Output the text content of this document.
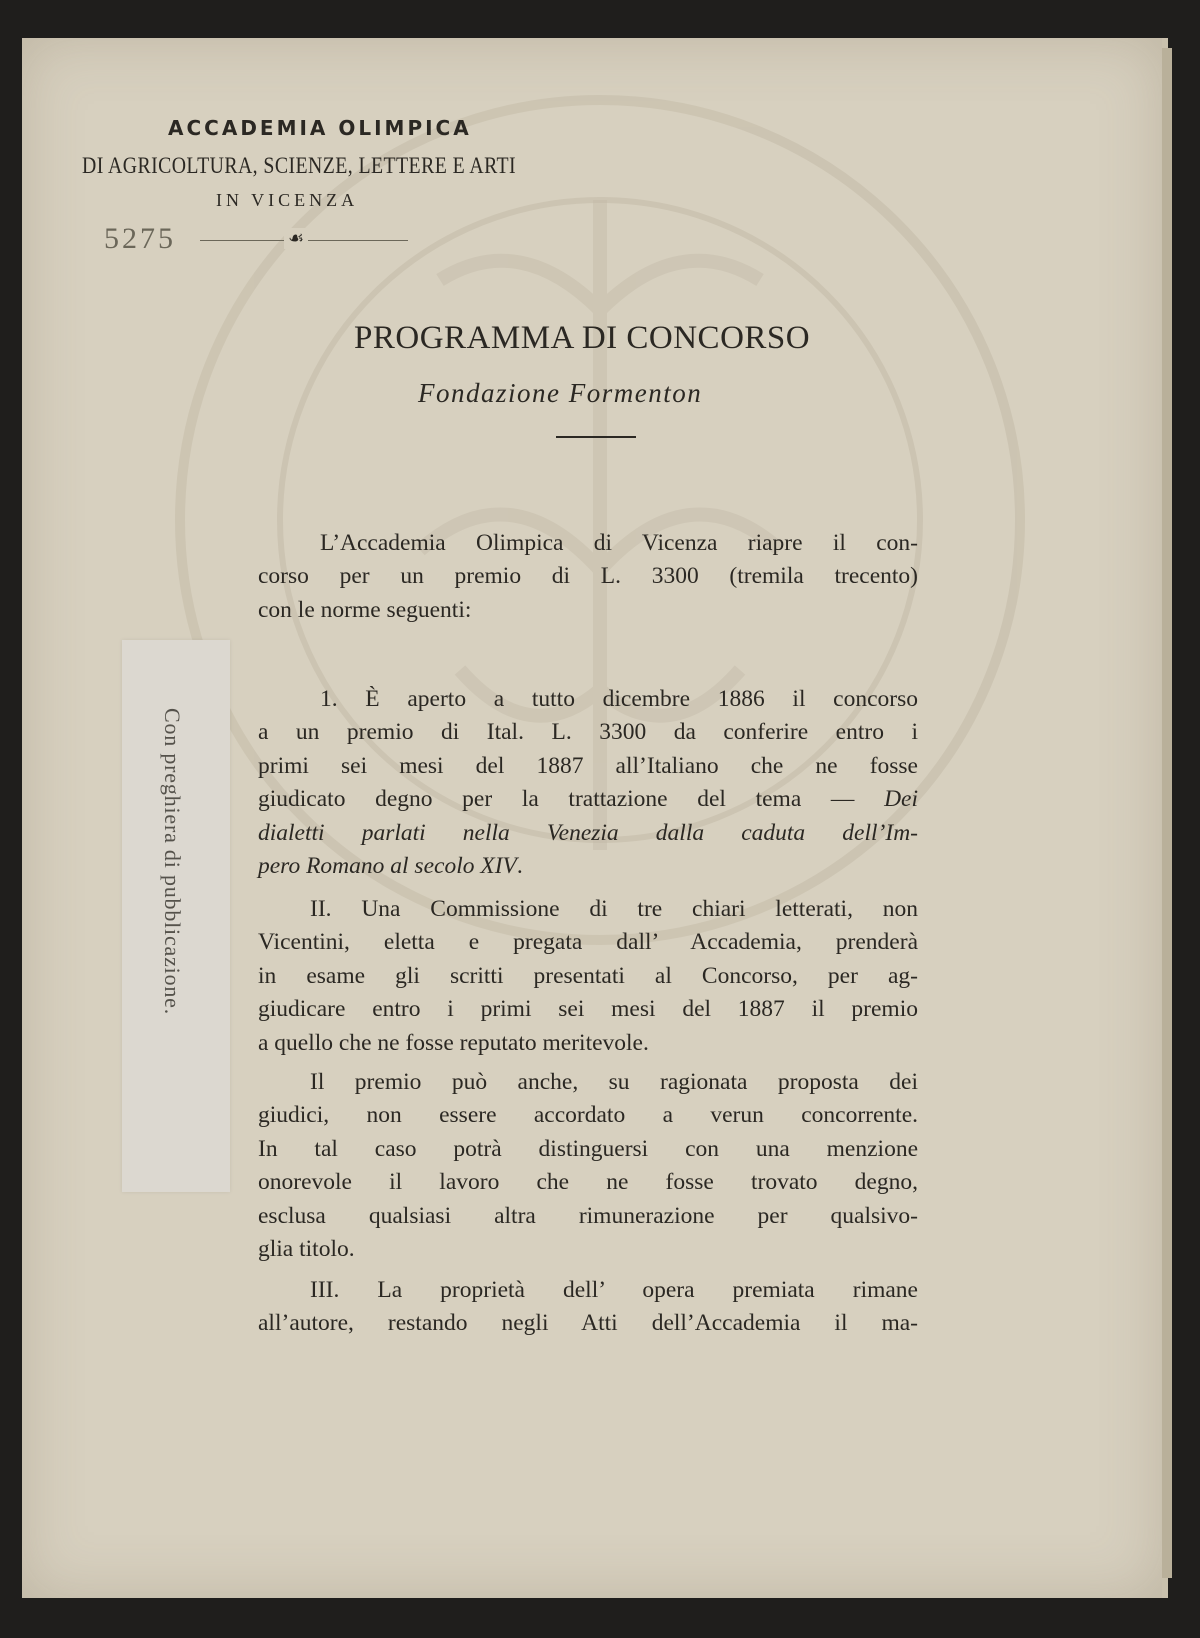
ACCADEMIA OLIMPICA
DI AGRICOLTURA, SCIENZE, LETTERE E ARTI
IN VICENZA
5275	☙
PROGRAMMA DI CONCORSO
Fondazione Formenton
L’Accademia Olimpica di Vicenza riapre il con-
corso per un premio di L. 3300 (tremila trecento)
con le norme seguenti:
1. È aperto a tutto dicembre 1886 il concorso
a un premio di Ital. L. 3300 da conferire entro i
primi sei mesi del 1887 all’Italiano che ne fosse
giudicato degno per la trattazione del tema — Dei
dialetti parlati nella Venezia dalla caduta dell’Im-
pero Romano al secolo XIV.
II. Una Commissione di tre chiari letterati, non
Vicentini, eletta e pregata dall’ Accademia, prenderà
in esame gli scritti presentati al Concorso, per ag-
giudicare entro i primi sei mesi del 1887 il premio
a quello che ne fosse reputato meritevole.
Il premio può anche, su ragionata proposta dei
giudici, non essere accordato a verun concorrente.
In tal caso potrà distinguersi con una menzione
onorevole il lavoro che ne fosse trovato degno,
esclusa qualsiasi altra rimunerazione per qualsivo-
glia titolo.
III. La proprietà dell’ opera premiata rimane
all’autore, restando negli Atti dell’Accademia il ma-
Con preghiera di pubblicazione.
